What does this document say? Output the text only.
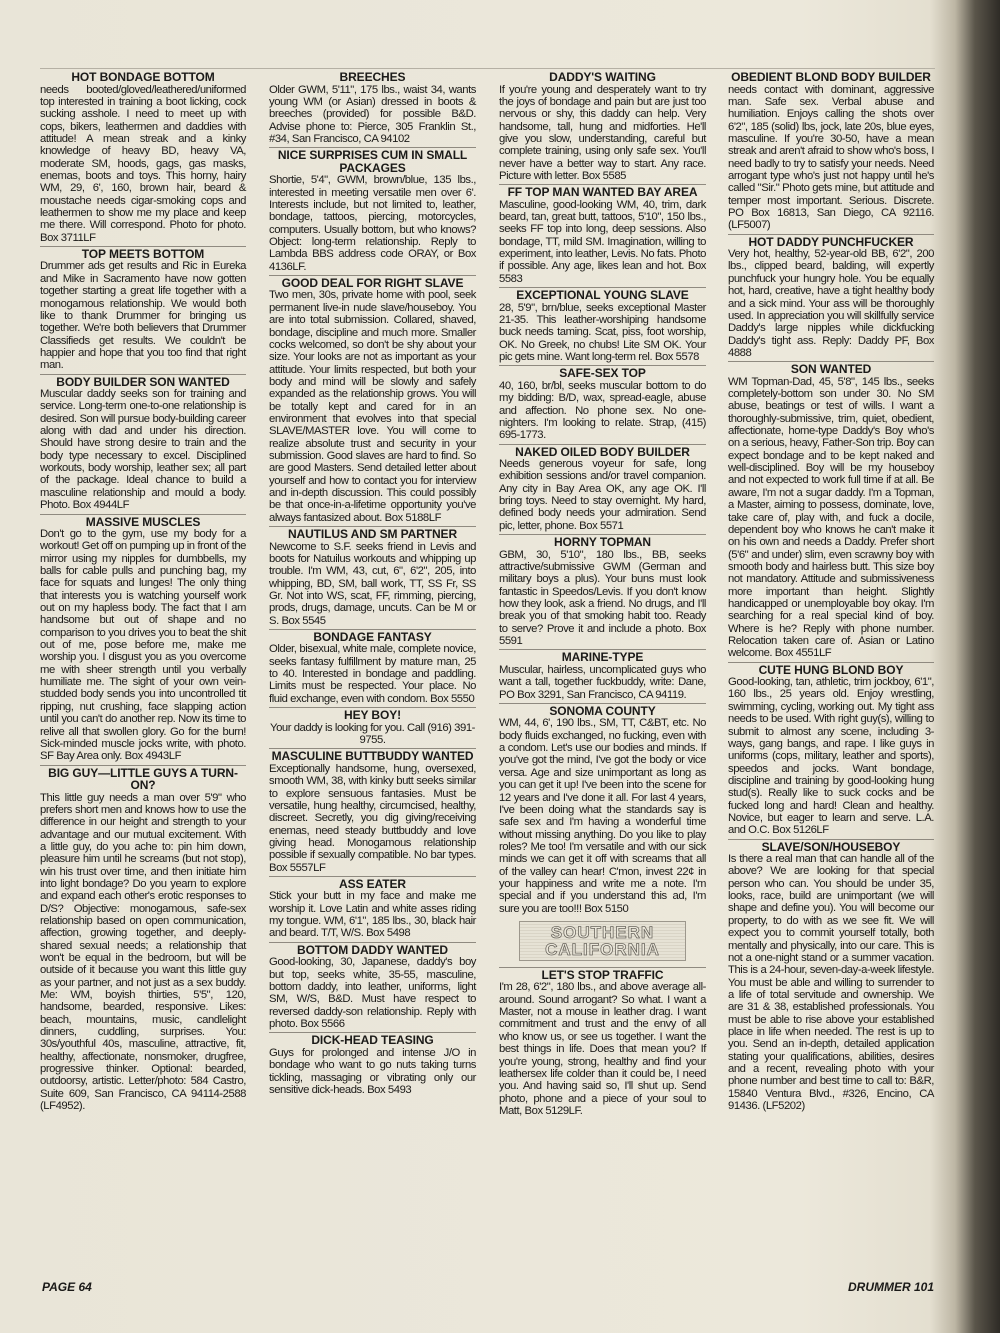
HOT BONDAGE BOTTOM

needs booted/gloved/leathered/uniformed top interested in training a boot licking, cock sucking asshole. I need to meet up with cops, bikers, leathermen and daddies with attitude! A mean streak and a kinky knowledge of heavy BD, heavy VA, moderate SM, hoods, gags, gas masks, enemas, boots and toys. This horny, hairy WM, 29, 6', 160, brown hair, beard & moustache needs cigar-smoking cops and leathermen to show me my place and keep me there. Will correspond. Photo for photo. Box 3711LF

TOP MEETS BOTTOM

Drummer ads get results and Ric in Eureka and Mike in Sacramento have now gotten together starting a great life together with a monogamous relationship. We would both like to thank Drummer for bringing us together. We're both believers that Drummer Classifieds get results. We couldn't be happier and hope that you too find that right man.

BODY BUILDER SON WANTED

Muscular daddy seeks son for training and service. Long-term one-to-one relationship is desired. Son will pursue body-building career along with dad and under his direction. Should have strong desire to train and the body type necessary to excel. Disciplined workouts, body worship, leather sex; all part of the package. Ideal chance to build a masculine relationship and mould a body. Photo. Box 4944LF

MASSIVE MUSCLES

Don't go to the gym, use my body for a workout! Get off on pumping up in front of the mirror using my nipples for dumbbells, my balls for cable pulls and punching bag, my face for squats and lunges! The only thing that interests you is watching yourself work out on my hapless body. The fact that I am handsome but out of shape and no comparison to you drives you to beat the shit out of me, pose before me, make me worship you. I disgust you as you overcome me with sheer strength until you verbally humiliate me. The sight of your own vein-studded body sends you into uncontrolled tit ripping, nut crushing, face slapping action until you can't do another rep. Now its time to relive all that swollen glory. Go for the burn! Sick-minded muscle jocks write, with photo. SF Bay Area only. Box 4943LF

BIG GUY—LITTLE GUYS A TURN-ON?

This little guy needs a man over 5'9" who prefers short men and knows how to use the difference in our height and strength to your advantage and our mutual excitement. With a little guy, do you ache to: pin him down, pleasure him until he screams (but not stop), win his trust over time, and then initiate him into light bondage? Do you yearn to explore and expand each other's erotic responses to D/S? Objective: monogamous, safe-sex relationship based on open communication, affection, growing together, and deeply-shared sexual needs; a relationship that won't be equal in the bedroom, but will be outside of it because you want this little guy as your partner, and not just as a sex buddy. Me: WM, boyish thirties, 5'5", 120, handsome, bearded, responsive. Likes: beach, mountains, music, candlelight dinners, cuddling, surprises. You: 30s/youthful 40s, masculine, attractive, fit, healthy, affectionate, nonsmoker, drugfree, progressive thinker. Optional: bearded, outdoorsy, artistic. Letter/photo: 584 Castro, Suite 609, San Francisco, CA 94114-2588 (LF4952).

BREECHES

Older GWM, 5'11", 175 lbs., waist 34, wants young WM (or Asian) dressed in boots & breeches (provided) for possible B&D. Advise phone to: Pierce, 305 Franklin St., #34, San Francisco, CA 94102

NICE SURPRISES CUM IN SMALL PACKAGES

Shortie, 5'4", GWM, brown/blue, 135 lbs., interested in meeting versatile men over 6'. Interests include, but not limited to, leather, bondage, tattoos, piercing, motorcycles, computers. Usually bottom, but who knows? Object: long-term relationship. Reply to Lambda BBS address code ORAY, or Box 4136LF.

GOOD DEAL FOR RIGHT SLAVE

Two men, 30s, private home with pool, seek permanent live-in nude slave/houseboy. You are into total submission. Collared, shaved, bondage, discipline and much more. Smaller cocks welcomed, so don't be shy about your size. Your looks are not as important as your attitude. Your limits respected, but both your body and mind will be slowly and safely expanded as the relationship grows. You will be totally kept and cared for in an environment that evolves into that special SLAVE/MASTER love. You will come to realize absolute trust and security in your submission. Good slaves are hard to find. So are good Masters. Send detailed letter about yourself and how to contact you for interview and in-depth discussion. This could possibly be that once-in-a-lifetime opportunity you've always fantasized about. Box 5188LF

NAUTILUS AND SM PARTNER

Newcome to S.F. seeks friend in Levis and boots for Natuilus workouts and whipping up trouble. I'm WM, 43, cut, 6", 6'2", 205, into whipping, BD, SM, ball work, TT, SS Fr, SS Gr. Not into WS, scat, FF, rimming, piercing, prods, drugs, damage, uncuts. Can be M or S. Box 5545

BONDAGE FANTASY

Older, bisexual, white male, complete novice, seeks fantasy fulfillment by mature man, 25 to 40. Interested in bondage and paddling. Limits must be respected. Your place. No fluid exchange, even with condom. Box 5550

HEY BOY!

Your daddy is looking for you. Call (916) 391-9755.

MASCULINE BUTTBUDDY WANTED

Exceptionally handsome, hung, oversexed, smooth WM, 38, with kinky butt seeks similar to explore sensuous fantasies. Must be versatile, hung healthy, circumcised, healthy, discreet. Secretly, you dig giving/receiving enemas, need steady buttbuddy and love giving head. Monogamous relationship possible if sexually compatible. No bar types. Box 5557LF

ASS EATER

Stick your butt in my face and make me worship it. Love Latin and white asses riding my tongue. WM, 6'1", 185 lbs., 30, black hair and beard. T/T, W/S. Box 5498

BOTTOM DADDY WANTED

Good-looking, 30, Japanese, daddy's boy but top, seeks white, 35-55, masculine, bottom daddy, into leather, uniforms, light SM, W/S, B&D. Must have respect to reversed daddy-son relationship. Reply with photo. Box 5566

DICK-HEAD TEASING

Guys for prolonged and intense J/O in bondage who want to go nuts taking turns tickling, massaging or vibrating only our sensitive dick-heads. Box 5493

DADDY'S WAITING

If you're young and desperately want to try the joys of bondage and pain but are just too nervous or shy, this daddy can help. Very handsome, tall, hung and midforties. He'll give you slow, understanding, careful but complete training, using only safe sex. You'll never have a better way to start. Any race. Picture with letter. Box 5585

FF TOP MAN WANTED BAY AREA

Masculine, good-looking WM, 40, trim, dark beard, tan, great butt, tattoos, 5'10", 150 lbs., seeks FF top into long, deep sessions. Also bondage, TT, mild SM. Imagination, willing to experiment, into leather, Levis. No fats. Photo if possible. Any age, likes lean and hot. Box 5583

EXCEPTIONAL YOUNG SLAVE

28, 5'9", brn/blue, seeks exceptional Master 21-35. This leather-worshiping handsome buck needs taming. Scat, piss, foot worship, OK. No Greek, no chubs! Lite SM OK. Your pic gets mine. Want long-term rel. Box 5578

SAFE-SEX TOP

40, 160, br/bl, seeks muscular bottom to do my bidding: B/D, wax, spread-eagle, abuse and affection. No phone sex. No one-nighters. I'm looking to relate. Strap, (415) 695-1773.

NAKED OILED BODY BUILDER

Needs generous voyeur for safe, long exhibition sessions and/or travel companion. Any city in Bay Area OK, any age OK. I'll bring toys. Need to stay overnight. My hard, defined body needs your admiration. Send pic, letter, phone. Box 5571

HORNY TOPMAN

GBM, 30, 5'10", 180 lbs., BB, seeks attractive/submissive GWM (German and military boys a plus). Your buns must look fantastic in Speedos/Levis. If you don't know how they look, ask a friend. No drugs, and I'll break you of that smoking habit too. Ready to serve? Prove it and include a photo. Box 5591

MARINE-TYPE

Muscular, hairless, uncomplicated guys who want a tall, together fuckbuddy, write: Dane, PO Box 3291, San Francisco, CA 94119.

SONOMA COUNTY

WM, 44, 6', 190 lbs., SM, TT, C&BT, etc. No body fluids exchanged, no fucking, even with a condom. Let's use our bodies and minds. If you've got the mind, I've got the body or vice versa. Age and size unimportant as long as you can get it up! I've been into the scene for 12 years and I've done it all. For last 4 years, I've been doing what the standards say is safe sex and I'm having a wonderful time without missing anything. Do you like to play roles? Me too! I'm versatile and with our sick minds we can get it off with screams that all of the valley can hear! C'mon, invest 22¢ in your happiness and write me a note. I'm special and if you understand this ad, I'm sure you are too!!! Box 5150

SOUTHERN
CALIFORNIA
LET'S STOP TRAFFIC

I'm 28, 6'2", 180 lbs., and above average all-around. Sound arrogant? So what. I want a Master, not a mouse in leather drag. I want commitment and trust and the envy of all who know us, or see us together. I want the best things in life. Does that mean you? If you're young, strong, healthy and find your leathersex life colder than it could be, I need you. And having said so, I'll shut up. Send photo, phone and a piece of your soul to Matt, Box 5129LF.

OBEDIENT BLOND BODY BUILDER

needs contact with dominant, aggressive man. Safe sex. Verbal abuse and humiliation. Enjoys calling the shots over 6'2", 185 (solid) lbs, jock, late 20s, blue eyes, masculine. If you're 30-50, have a mean streak and aren't afraid to show who's boss, I need badly to try to satisfy your needs. Need arrogant type who's just not happy until he's called "Sir." Photo gets mine, but attitude and temper most important. Serious. Discrete. PO Box 16813, San Diego, CA 92116. (LF5007)

HOT DADDY PUNCHFUCKER

Very hot, healthy, 52-year-old BB, 6'2", 200 lbs., clipped beard, balding, will expertly punchfuck your hungry hole. You be equally hot, hard, creative, have a tight healthy body and a sick mind. Your ass will be thoroughly used. In appreciation you will skillfully service Daddy's large nipples while dickfucking Daddy's tight ass. Reply: Daddy PF, Box 4888

SON WANTED

WM Topman-Dad, 45, 5'8", 145 lbs., seeks completely-bottom son under 30. No SM abuse, beatings or test of wills. I want a thoroughly-submissive, trim, quiet, obedient, affectionate, home-type Daddy's Boy who's on a serious, heavy, Father-Son trip. Boy can expect bondage and to be kept naked and well-disciplined. Boy will be my houseboy and not expected to work full time if at all. Be aware, I'm not a sugar daddy. I'm a Topman, a Master, aiming to possess, dominate, love, take care of, play with, and fuck a docile, dependent boy who knows he can't make it on his own and needs a Daddy. Prefer short (5'6" and under) slim, even scrawny boy with smooth body and hairless butt. This size boy not mandatory. Attitude and submissiveness more important than height. Slightly handicapped or unemployable boy okay. I'm searching for a real special kind of boy. Where is he? Reply with phone number. Relocation taken care of. Asian or Latino welcome. Box 4551LF

CUTE HUNG BLOND BOY

Good-looking, tan, athletic, trim jockboy, 6'1", 160 lbs., 25 years old. Enjoy wrestling, swimming, cycling, working out. My tight ass needs to be used. With right guy(s), willing to submit to almost any scene, including 3-ways, gang bangs, and rape. I like guys in uniforms (cops, military, leather and sports), speedos and jocks. Want bondage, discipline and training by good-looking hung stud(s). Really like to suck cocks and be fucked long and hard! Clean and healthy. Novice, but eager to learn and serve. L.A. and O.C. Box 5126LF

SLAVE/SON/HOUSEBOY

Is there a real man that can handle all of the above? We are looking for that special person who can. You should be under 35, looks, race, build are unimportant (we will shape and define you). You will become our property, to do with as we see fit. We will expect you to commit yourself totally, both mentally and physically, into our care. This is not a one-night stand or a summer vacation. This is a 24-hour, seven-day-a-week lifestyle. You must be able and willing to surrender to a life of total servitude and ownership. We are 31 & 38, established professionals. You must be able to rise above your established place in life when needed. The rest is up to you. Send an in-depth, detailed application stating your qualifications, abilities, desires and a recent, revealing photo with your phone number and best time to call to: B&R, 15840 Ventura Blvd., #326, Encino, CA 91436. (LF5202)

PAGE 64	DRUMMER 101
